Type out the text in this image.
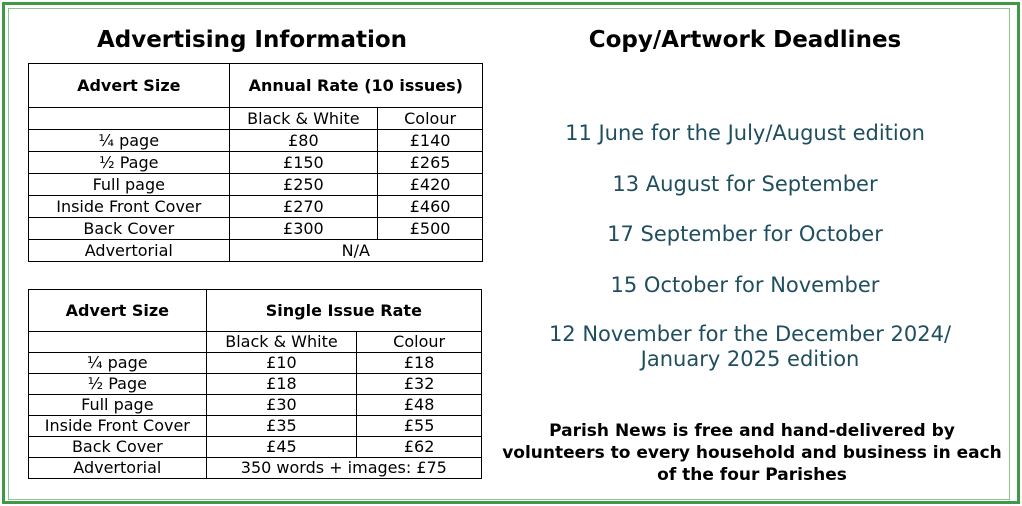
Advertising Information	Copy/Artwork Deadlines
Advert Size	Annual Rate (10 issues)	
	Black & White	Colour
¼ page	£80	£140
½ Page	£150	£265
Full page	£250	£420
Inside Front Cover	£270	£460
Back Cover	£300	£500
Advertorial	N/A	
Advert Size	Single Issue Rate	
	Black & White	Colour
¼ page	£10	£18
½ Page	£18	£32
Full page	£30	£48
Inside Front Cover	£35	£55
Back Cover	£45	£62
Advertorial	350 words + images: £75	
11 June for the July/August edition
13 August for September
17 September for October
15 October for November
12 November for the December 2024/ January 2025 edition
Parish News is free and hand-delivered by volunteers to every household and business in each of the four Parishes
